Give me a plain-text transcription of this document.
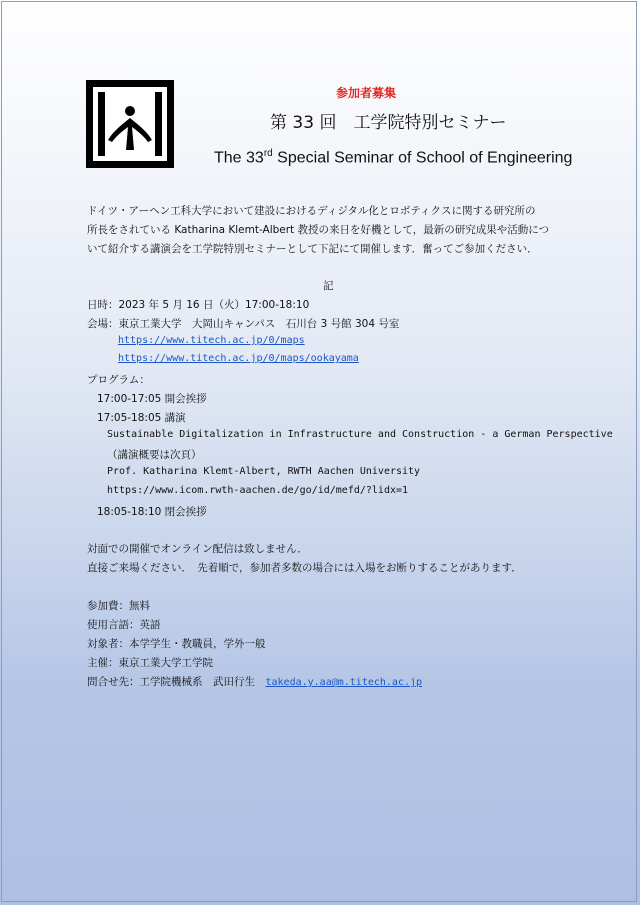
参加者募集
第 33 回　工学院特別セミナー
The 33rd Special Seminar of School of Engineering
ドイツ・アーヘン工科大学において建設におけるディジタル化とロボティクスに関する研究所の
所長をされている Katharina Klemt-Albert 教授の来日を好機として，最新の研究成果や活動につ
いて紹介する講演会を工学院特別セミナーとして下記にて開催します．奮ってご参加ください．
記
日時：2023 年 5 月 16 日（火）17:00-18:10
会場：東京工業大学　大岡山キャンパス　石川台 3 号館 304 号室
https://www.titech.ac.jp/0/maps
https://www.titech.ac.jp/0/maps/ookayama
プログラム：
17:00-17:05 開会挨拶
17:05-18:05 講演
Sustainable Digitalization in Infrastructure and Construction - a German Perspective
（講演概要は次頁）
Prof. Katharina Klemt-Albert, RWTH Aachen University
https://www.icom.rwth-aachen.de/go/id/mefd/?lidx=1
18:05-18:10 閉会挨拶
対面での開催でオンライン配信は致しません．
直接ご来場ください．　先着順で，参加者多数の場合には入場をお断りすることがあります．
参加費：無料
使用言語：英語
対象者：本学学生・教職員，学外一般
主催：東京工業大学工学院
問合せ先：工学院機械系　武田行生　takeda.y.aa@m.titech.ac.jp
